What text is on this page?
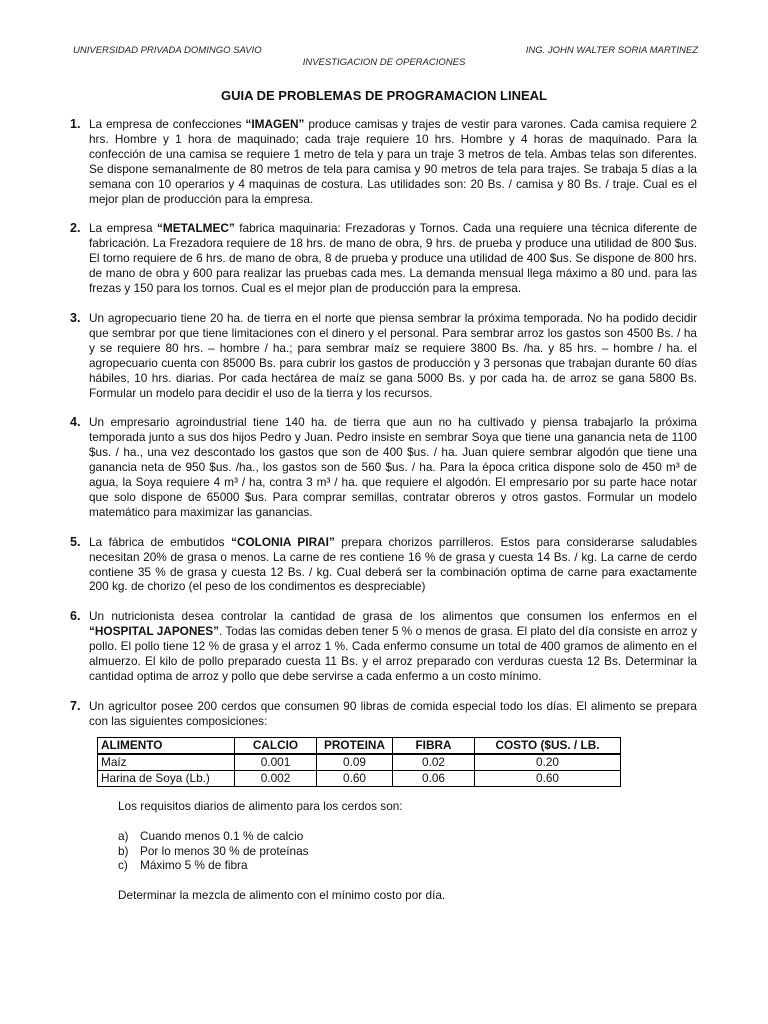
UNIVERSIDAD PRIVADA DOMINGO SAVIO	ING. JOHN WALTER SORIA MARTINEZ
INVESTIGACION DE OPERACIONES
GUIA DE PROBLEMAS DE PROGRAMACION LINEAL
1. La empresa de confecciones “IMAGEN” produce camisas y trajes de vestir para varones. Cada camisa requiere 2 hrs. Hombre y 1 hora de maquinado; cada traje requiere 10 hrs. Hombre y 4 horas de maquinado. Para la confección de una camisa se requiere 1 metro de tela y para un traje 3 metros de tela. Ambas telas son diferentes. Se dispone semanalmente de 80 metros de tela para camisa y 90 metros de tela para trajes. Se trabaja 5 días a la semana con 10 operarios y 4 maquinas de costura. Las utilidades son: 20 Bs. / camisa y 80 Bs. / traje. Cual es el mejor plan de producción para la empresa.
2. La empresa “METALMEC” fabrica maquinaria: Frezadoras y Tornos. Cada una requiere una técnica diferente de fabricación. La Frezadora requiere de 18 hrs. de mano de obra, 9 hrs. de prueba y produce una utilidad de 800 $us. El torno requiere de 6 hrs. de mano de obra, 8 de prueba y produce una utilidad de 400 $us. Se dispone de 800 hrs. de mano de obra y 600 para realizar las pruebas cada mes. La demanda mensual llega máximo a 80 und. para las frezas y 150 para los tornos. Cual es el mejor plan de producción para la empresa.
3. Un agropecuario tiene 20 ha. de tierra en el norte que piensa sembrar la próxima temporada. No ha podido decidir que sembrar por que tiene limitaciones con el dinero y el personal. Para sembrar arroz los gastos son 4500 Bs. / ha y se requiere 80 hrs. – hombre / ha.; para sembrar maíz se requiere 3800 Bs. /ha. y 85 hrs. – hombre / ha. el agropecuario cuenta con 85000 Bs. para cubrir los gastos de producción y 3 personas que trabajan durante 60 días hábiles, 10 hrs. diarias. Por cada hectárea de maíz se gana 5000 Bs. y por cada ha. de arroz se gana 5800 Bs. Formular un modelo para decidir el uso de la tierra y los recursos.
4. Un empresario agroindustrial tiene 140 ha. de tierra que aun no ha cultivado y piensa trabajarlo la próxima temporada junto a sus dos hijos Pedro y Juan. Pedro insiste en sembrar Soya que tiene una ganancia neta de 1100 $us. / ha., una vez descontado los gastos que son de 400 $us. / ha. Juan quiere sembrar algodón que tiene una ganancia neta de 950 $us. /ha., los gastos son de 560 $us. / ha. Para la época critica dispone solo de 450 m³ de agua, la Soya requiere 4 m³ / ha, contra 3 m³ / ha. que requiere el algodón. El empresario por su parte hace notar que solo dispone de 65000 $us. Para comprar semillas, contratar obreros y otros gastos. Formular un modelo matemático para maximizar las ganancias.
5. La fábrica de embutidos “COLONIA PIRAI” prepara chorizos parrilleros. Estos para considerarse saludables necesitan 20% de grasa o menos. La carne de res contiene 16 % de grasa y cuesta 14 Bs. / kg. La carne de cerdo contiene 35 % de grasa y cuesta 12 Bs. / kg. Cual deberá ser la combinación optima de carne para exactamente 200 kg. de chorizo (el peso de los condimentos es despreciable)
6. Un nutricionista desea controlar la cantidad de grasa de los alimentos que consumen los enfermos en el “HOSPITAL JAPONES”. Todas las comidas deben tener 5 % o menos de grasa. El plato del día consiste en arroz y pollo. El pollo tiene 12 % de grasa y el arroz 1 %. Cada enfermo consume un total de 400 gramos de alimento en el almuerzo. El kilo de pollo preparado cuesta 11 Bs. y el arroz preparado con verduras cuesta 12 Bs. Determinar la cantidad optima de arroz y pollo que debe servirse a cada enfermo a un costo mínimo.
7. Un agricultor posee 200 cerdos que consumen 90 libras de comida especial todo los días. El alimento se prepara con las siguientes composiciones:
ALIMENTO	CALCIO	PROTEINA	FIBRA	COSTO ($US. / LB.
Maíz	0.001	0.09	0.02	0.20
Harina de Soya (Lb.)	0.002	0.60	0.06	0.60
Los requisitos diarios de alimento para los cerdos son:
a) Cuando menos 0.1 % de calcio
b) Por lo menos 30 % de proteínas
c)	Máximo 5 % de fibra
Determinar la mezcla de alimento con el mínimo costo por día.
